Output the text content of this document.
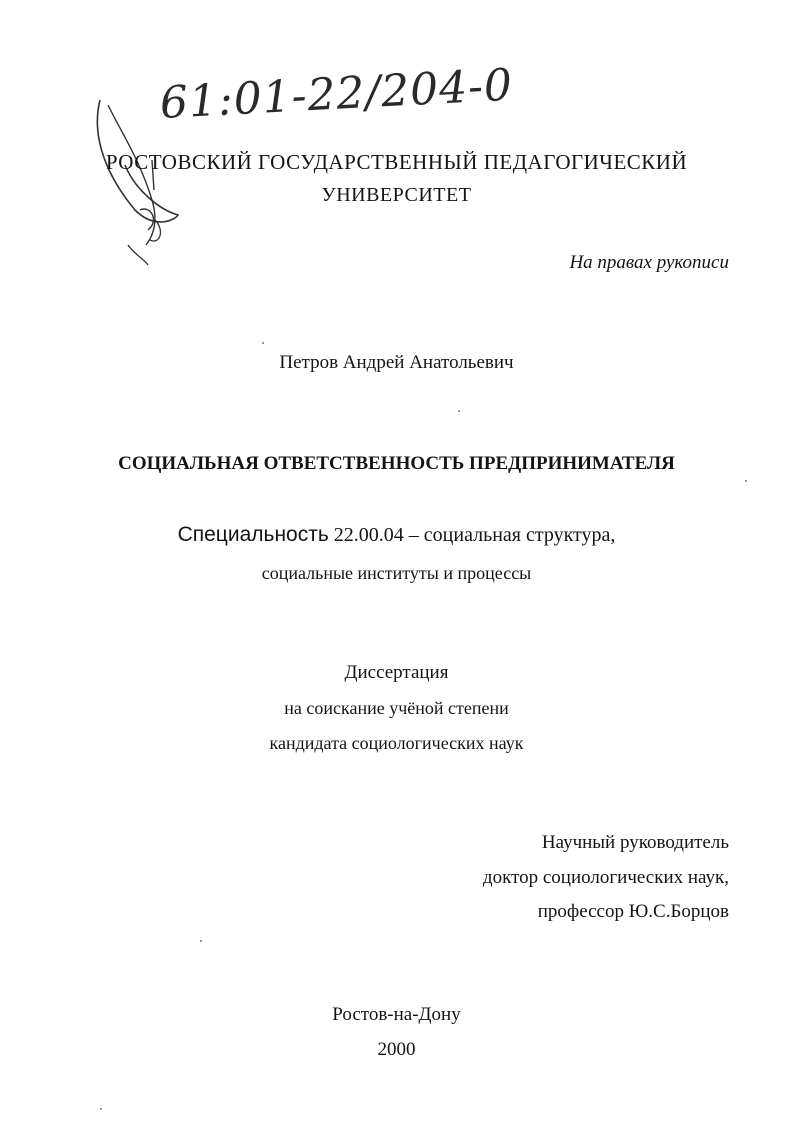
61:01-22/204-0
РОСТОВСКИЙ ГОСУДАРСТВЕННЫЙ ПЕДАГОГИЧЕСКИЙ
УНИВЕРСИТЕТ
На правах рукописи
Петров Андрей Анатольевич
СОЦИАЛЬНАЯ ОТВЕТСТВЕННОСТЬ ПРЕДПРИНИМАТЕЛЯ
Специальность 22.00.04 – социальная структура,
социальные институты и процессы
Диссертация
на соискание учёной степени
кандидата социологических наук
Научный руководитель
доктор социологических наук,
профессор Ю.С.Борцов
Ростов-на-Дону
2000
